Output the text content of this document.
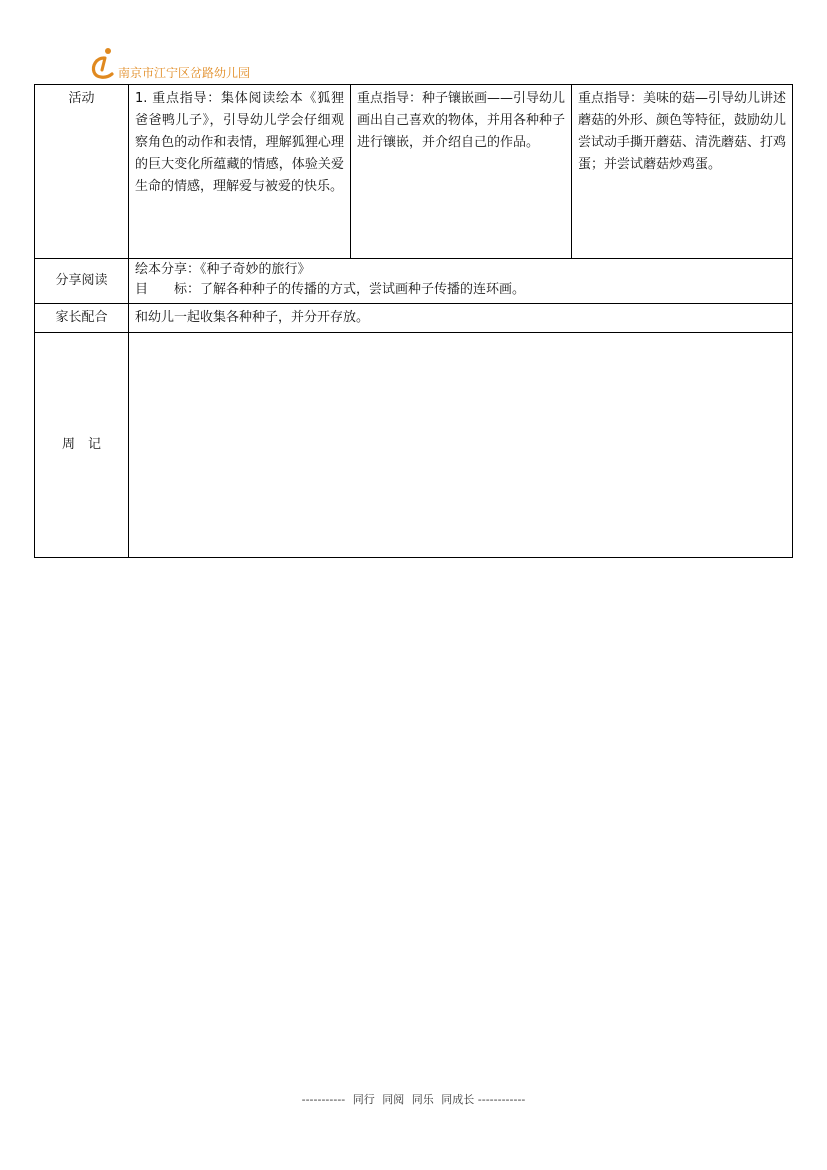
南京市江宁区岔路幼儿园
活动	1. 重点指导：集体阅读绘本《狐狸爸爸鸭儿子》，引导幼儿学会仔细观察角色的动作和表情，理解狐狸心理的巨大变化所蕴藏的情感，体验关爱生命的情感，理解爱与被爱的快乐。	重点指导：种子镶嵌画——引导幼儿画出自己喜欢的物体，并用各种种子进行镶嵌，并介绍自己的作品。	重点指导：美味的菇—引导幼儿讲述蘑菇的外形、颜色等特征，鼓励幼儿尝试动手撕开蘑菇、清洗蘑菇、打鸡蛋；并尝试蘑菇炒鸡蛋。
分享阅读	绘本分享：《种子奇妙的旅行》
目　　标：了解各种种子的传播的方式，尝试画种子传播的连环画。		

家长配合	和幼儿一起收集各种种子，并分开存放。		
周　记			
----------- 同行 同阅 同乐 同成长 ------------
